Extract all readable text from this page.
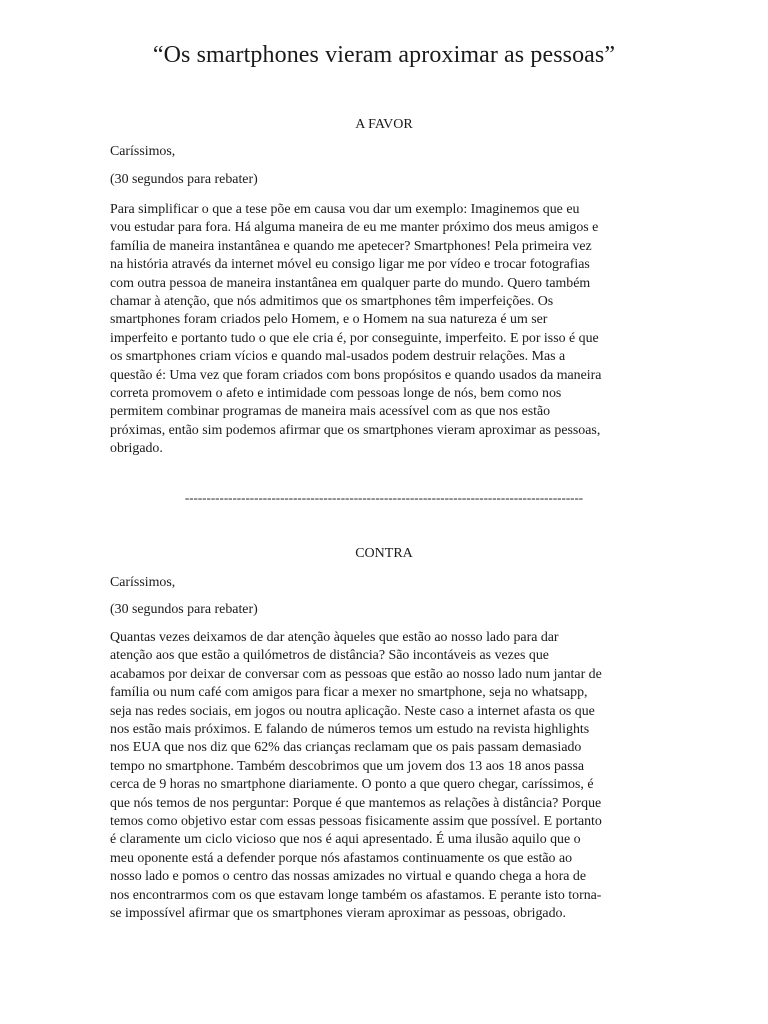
“Os smartphones vieram aproximar as pessoas”
A FAVOR

Caríssimos,

(30 segundos para rebater)

Para simplificar o que a tese põe em causa vou dar um exemplo: Imaginemos que eu
vou estudar para fora. Há alguma maneira de eu me manter próximo dos meus amigos e
família de maneira instantânea e quando me apetecer? Smartphones! Pela primeira vez
na história através da internet móvel eu consigo ligar me por vídeo e trocar fotografias
com outra pessoa de maneira instantânea em qualquer parte do mundo. Quero também
chamar à atenção, que nós admitimos que os smartphones têm imperfeições. Os
smartphones foram criados pelo Homem, e o Homem na sua natureza é um ser
imperfeito e portanto tudo o que ele cria é, por conseguinte, imperfeito. E por isso é que
os smartphones criam vícios e quando mal-usados podem destruir relações. Mas a
questão é: Uma vez que foram criados com bons propósitos e quando usados da maneira
correta promovem o afeto e intimidade com pessoas longe de nós, bem como nos
permitem combinar programas de maneira mais acessível com as que nos estão
próximas, então sim podemos afirmar que os smartphones vieram aproximar as pessoas,
obrigado.

--------------------------------------------------------------------------------------------
CONTRA

Caríssimos,

(30 segundos para rebater)

Quantas vezes deixamos de dar atenção àqueles que estão ao nosso lado para dar
atenção aos que estão a quilómetros de distância? São incontáveis as vezes que
acabamos por deixar de conversar com as pessoas que estão ao nosso lado num jantar de
família ou num café com amigos para ficar a mexer no smartphone, seja no whatsapp,
seja nas redes sociais, em jogos ou noutra aplicação. Neste caso a internet afasta os que
nos estão mais próximos. E falando de números temos um estudo na revista highlights
nos EUA que nos diz que 62% das crianças reclamam que os pais passam demasiado
tempo no smartphone. Também descobrimos que um jovem dos 13 aos 18 anos passa
cerca de 9 horas no smartphone diariamente. O ponto a que quero chegar, caríssimos, é
que nós temos de nos perguntar: Porque é que mantemos as relações à distância? Porque
temos como objetivo estar com essas pessoas fisicamente assim que possível. E portanto
é claramente um ciclo vicioso que nos é aqui apresentado. É uma ilusão aquilo que o
meu oponente está a defender porque nós afastamos continuamente os que estão ao
nosso lado e pomos o centro das nossas amizades no virtual e quando chega a hora de
nos encontrarmos com os que estavam longe também os afastamos. E perante isto torna-
se impossível afirmar que os smartphones vieram aproximar as pessoas, obrigado.
